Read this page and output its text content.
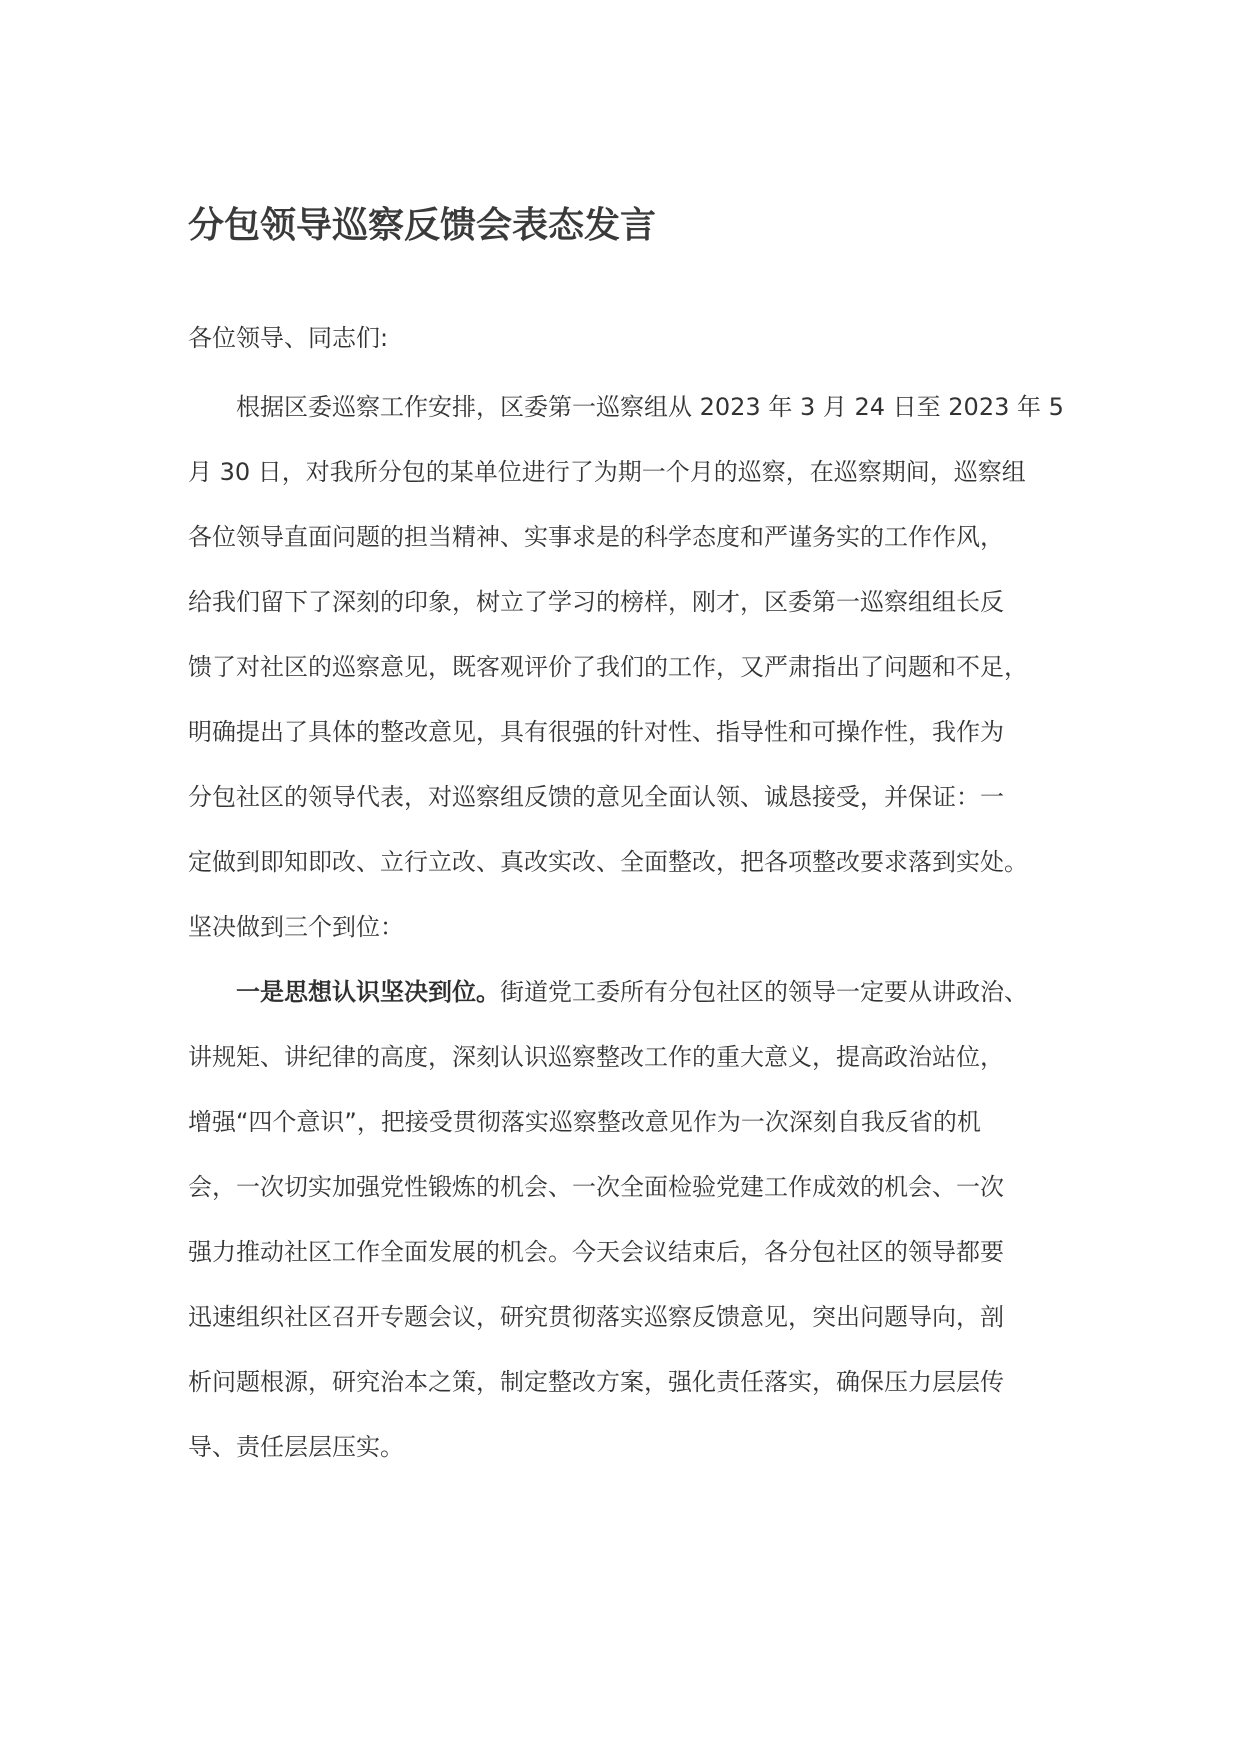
分包领导巡察反馈会表态发言

各位领导、同志们:

根据区委巡察工作安排，区委第一巡察组从 2023 年 3 月 24 日至 2023 年 5
月 30 日，对我所分包的某单位进行了为期一个月的巡察，在巡察期间，巡察组
各位领导直面问题的担当精神、实事求是的科学态度和严谨务实的工作作风，
给我们留下了深刻的印象，树立了学习的榜样，刚才，区委第一巡察组组长反
馈了对社区的巡察意见，既客观评价了我们的工作，又严肃指出了问题和不足，
明确提出了具体的整改意见，具有很强的针对性、指导性和可操作性，我作为
分包社区的领导代表，对巡察组反馈的意见全面认领、诚恳接受，并保证：一
定做到即知即改、立行立改、真改实改、全面整改，把各项整改要求落到实处。
坚决做到三个到位：
一是思想认识坚决到位。街道党工委所有分包社区的领导一定要从讲政治、
讲规矩、讲纪律的高度，深刻认识巡察整改工作的重大意义，提高政治站位，
增强“四个意识”，把接受贯彻落实巡察整改意见作为一次深刻自我反省的机
会，一次切实加强党性锻炼的机会、一次全面检验党建工作成效的机会、一次
强力推动社区工作全面发展的机会。今天会议结束后，各分包社区的领导都要
迅速组织社区召开专题会议，研究贯彻落实巡察反馈意见，突出问题导向，剖
析问题根源，研究治本之策，制定整改方案，强化责任落实，确保压力层层传
导、责任层层压实。
